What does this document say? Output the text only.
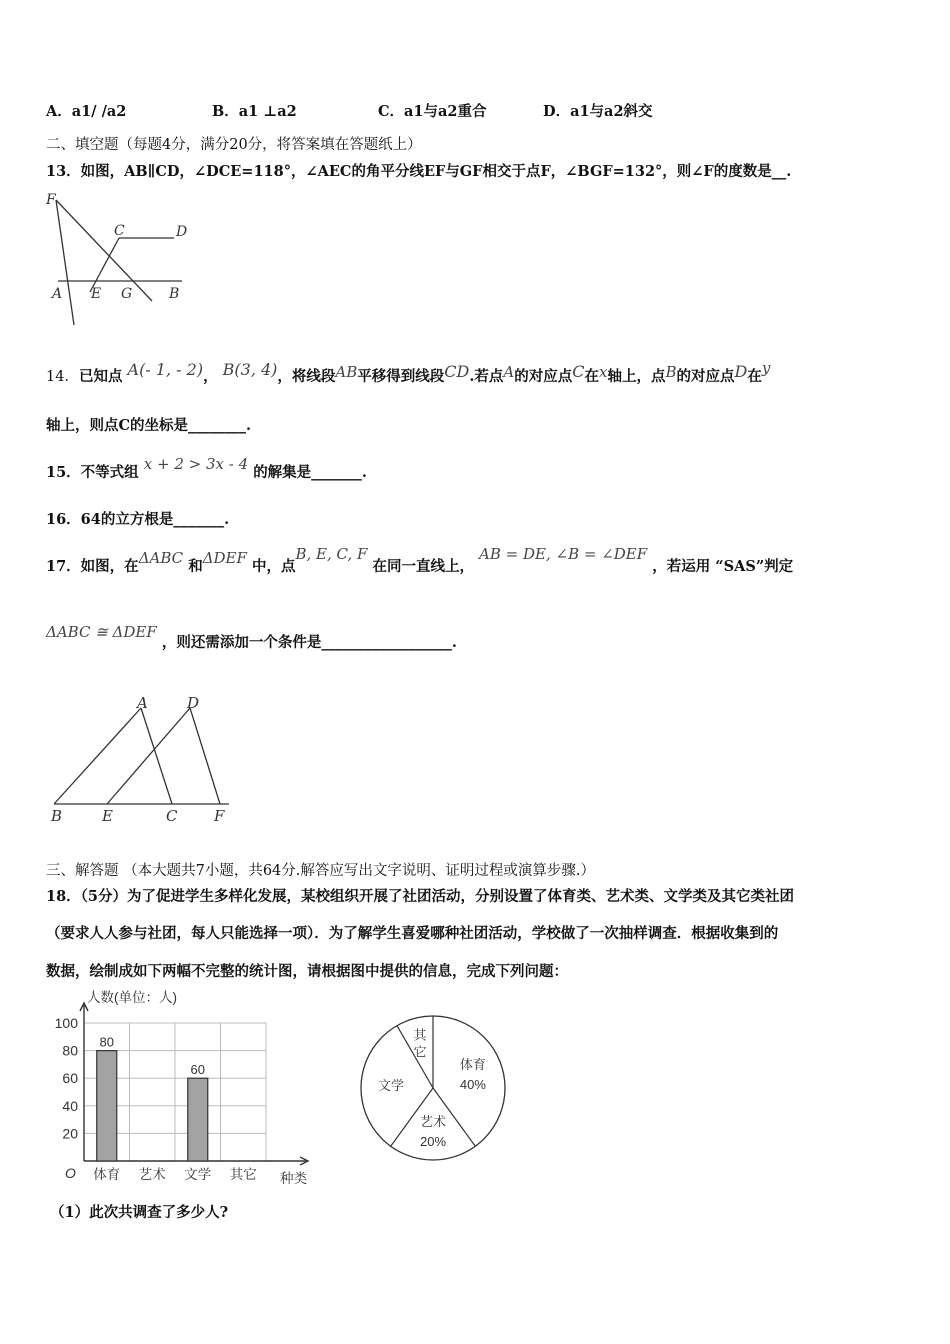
A．a1/ /a2	B．a1 ⊥a2	C．a1与a2重合	D．a1与a2斜交
二、填空题（每题4分，满分20分，将答案填在答题纸上）
13．如图，AB∥CD，∠DCE=118°，∠AEC的角平分线EF与GF相交于点F，∠BGF=132°，则∠F的度数是__.
F
C	D
A E G	B
14．已知点 A(- 1, - 2)， B(3, 4)，将线段AB平移得到线段CD.若点A的对应点C在x轴上，点B的对应点D在y
轴上，则点C的坐标是________.
15．不等式组 x + 2 > 3x - 4 的解集是_______.
16．64的立方根是_______.
17．如图，在ΔABC 和ΔDEF 中，点B, E, C, F 在同一直线上， AB = DE, ∠B = ∠DEF ，若运用 “SAS”判定
ΔABC ≅ ΔDEF ，则还需添加一个条件是__________________.
A	D
B	E	C F
三、解答题 （本大题共7小题，共64分.解答应写出文字说明、证明过程或演算步骤.）
18．（5分）为了促进学生多样化发展，某校组织开展了社团活动，分别设置了体育类、艺术类、文学类及其它类社团
（要求人人参与社团，每人只能选择一项）．为了解学生喜爱哪种社团活动，学校做了一次抽样调查．根据收集到的
数据，绘制成如下两幅不完整的统计图，请根据图中提供的信息，完成下列问题：
20
40
60
80
100
80
60
体育 艺术 文学 其它
人数(单位：人)
种类
O
体育
40%
艺术
20%
文学
其
它
（1）此次共调查了多少人?
